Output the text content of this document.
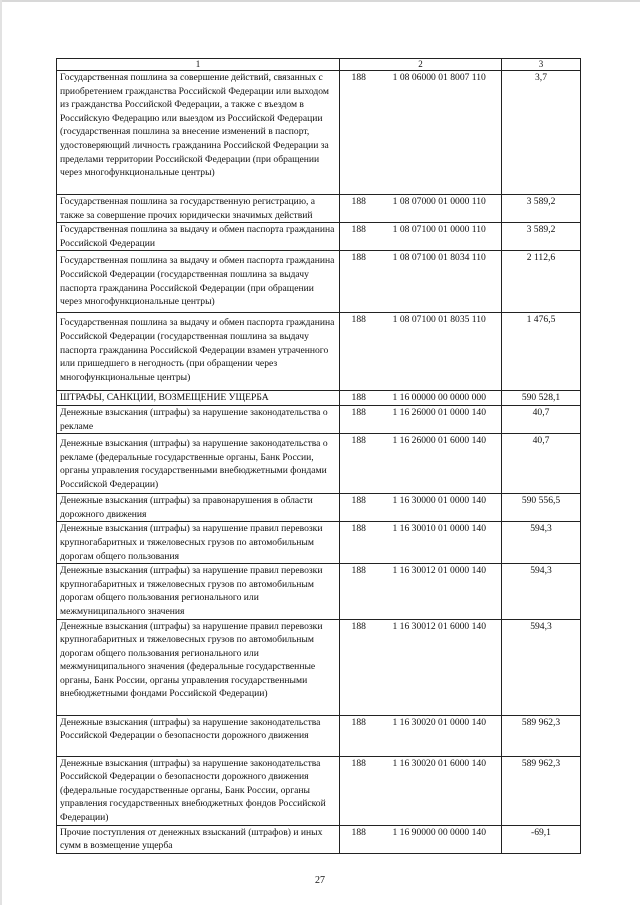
1	2		3
Государственная пошлина за совершение действий, связанных с приобретением гражданства Российской Федерации или выходом из гражданства Российской Федерации, а также с въездом в Российскую Федерацию или выездом из Российской Федерации (государственная пошлина за внесение изменений в паспорт, удостоверяющий личность гражданина Российской Федерации за пределами территории Российской Федерации (при обращении через многофункциональные центры)	188	1 08 06000 01 8007 110	3,7
Государственная пошлина за государственную регистрацию, а также за совершение прочих юридически значимых действий	188	1 08 07000 01 0000 110	3 589,2
Государственная пошлина за выдачу и обмен паспорта гражданина Российской Федерации	188	1 08 07100 01 0000 110	3 589,2
Государственная пошлина за выдачу и обмен паспорта гражданина Российской Федерации (государственная пошлина за выдачу паспорта гражданина Российской Федерации (при обращении через многофункциональные центры)	188	1 08 07100 01 8034 110	2 112,6
Государственная пошлина за выдачу и обмен паспорта гражданина Российской Федерации (государственная пошлина за выдачу паспорта гражданина Российской Федерации взамен утраченного или пришедшего в негодность (при обращении через многофункциональные центры)	188	1 08 07100 01 8035 110	1 476,5
ШТРАФЫ, САНКЦИИ, ВОЗМЕЩЕНИЕ УЩЕРБА	188	1 16 00000 00 0000 000	590 528,1
Денежные взыскания (штрафы) за нарушение законодательства о рекламе	188	1 16 26000 01 0000 140	40,7
Денежные взыскания (штрафы) за нарушение законодательства о рекламе (федеральные государственные органы, Банк России, органы управления государственными внебюджетными фондами Российской Федерации)	188	1 16 26000 01 6000 140	40,7
Денежные взыскания (штрафы) за правонарушения в области дорожного движения	188	1 16 30000 01 0000 140	590 556,5
Денежные взыскания (штрафы) за нарушение правил перевозки крупногабаритных и тяжеловесных грузов по автомобильным дорогам общего пользования	188	1 16 30010 01 0000 140	594,3
Денежные взыскания (штрафы) за нарушение правил перевозки крупногабаритных и тяжеловесных грузов по автомобильным дорогам общего пользования регионального или межмуниципального значения	188	1 16 30012 01 0000 140	594,3
Денежные взыскания (штрафы) за нарушение правил перевозки крупногабаритных и тяжеловесных грузов по автомобильным дорогам общего пользования регионального или межмуниципального значения (федеральные государственные органы, Банк России, органы управления государственными внебюджетными фондами Российской Федерации)	188	1 16 30012 01 6000 140	594,3
Денежные взыскания (штрафы) за нарушение законодательства Российской Федерации о безопасности дорожного движения	188	1 16 30020 01 0000 140	589 962,3
Денежные взыскания (штрафы) за нарушение законодательства Российской Федерации о безопасности дорожного движения (федеральные государственные органы, Банк России, органы управления государственных внебюджетных фондов Российской Федерации)	188	1 16 30020 01 6000 140	589 962,3
Прочие поступления от денежных взысканий (штрафов) и иных сумм в возмещение ущерба	188	1 16 90000 00 0000 140	-69,1
27
